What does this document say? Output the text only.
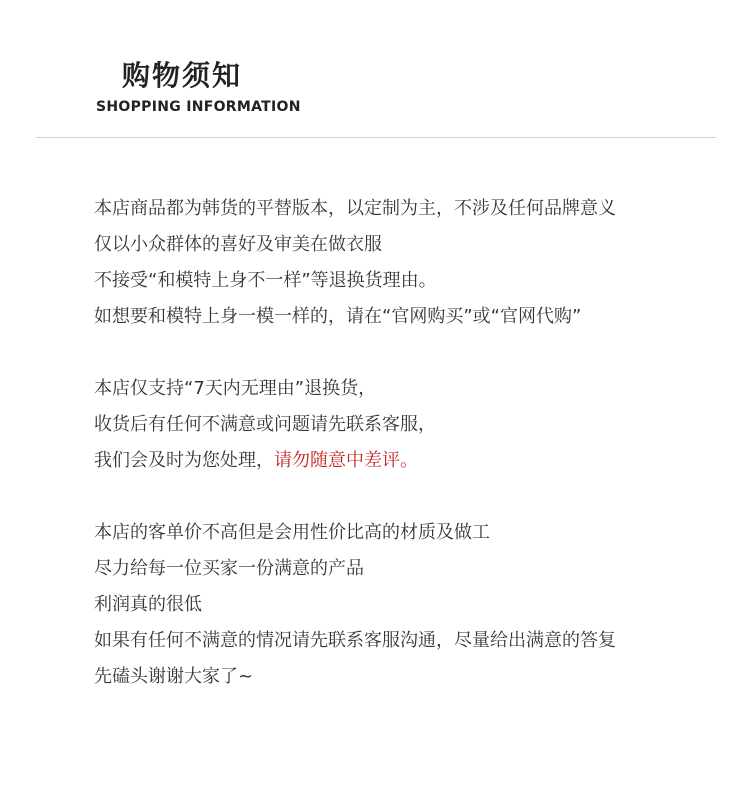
购物须知
SHOPPING INFORMATION
本店商品都为韩货的平替版本，以定制为主，不涉及任何品牌意义
仅以小众群体的喜好及审美在做衣服
不接受“和模特上身不一样”等退换货理由。
如想要和模特上身一模一样的，请在“官网购买”或“官网代购”
本店仅支持“7天内无理由”退换货，
收货后有任何不满意或问题请先联系客服，
我们会及时为您处理，请勿随意中差评。
本店的客单价不高但是会用性价比高的材质及做工
尽力给每一位买家一份满意的产品
利润真的很低
如果有任何不满意的情况请先联系客服沟通，尽量给出满意的答复
先磕头谢谢大家了~
